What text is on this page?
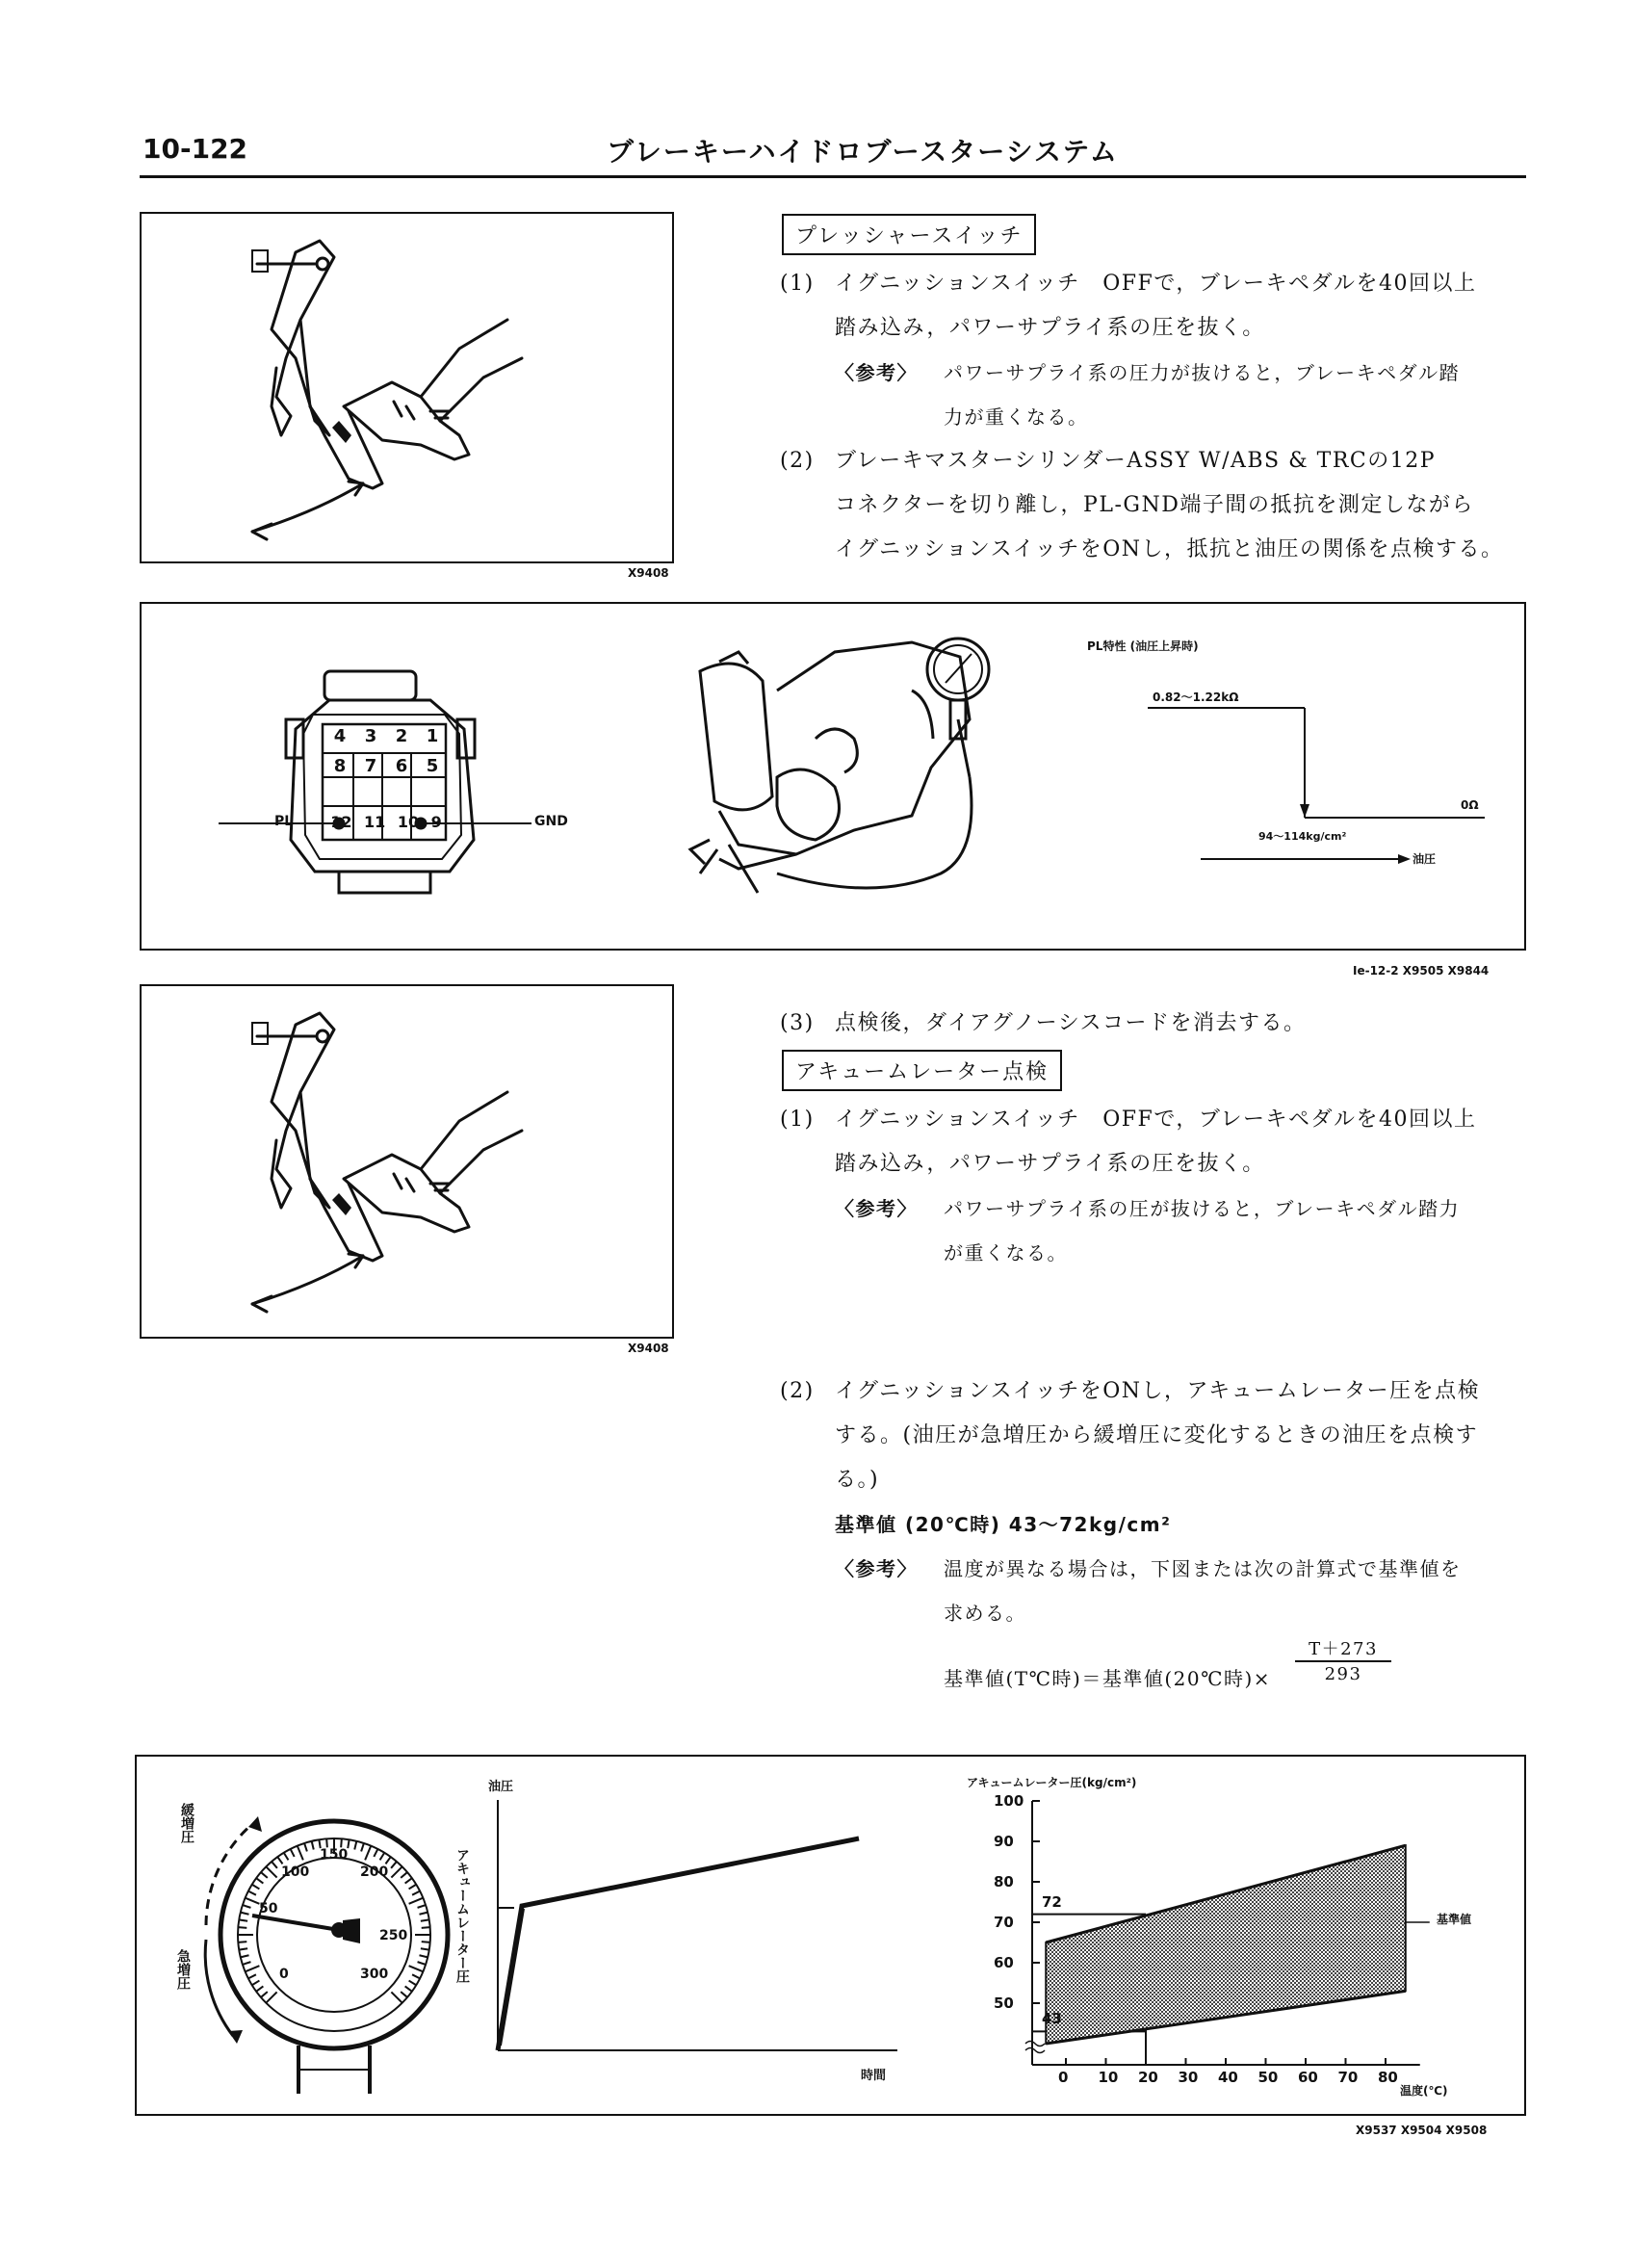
10-122	ブレーキーハイドロブースターシステム
X9408
プレッシャースイッチ
(1) イグニッションスイッチ　OFFで，ブレーキペダルを40回以上
踏み込み，パワーサプライ系の圧を抜く。
〈参考〉 パワーサプライ系の圧力が抜けると，ブレーキペダル踏
力が重くなる。
(2) ブレーキマスターシリンダーASSY W/ABS & TRCの12P
コネクターを切り離し，PL-GND端子間の抵抗を測定しながら
イグニッションスイッチをONし，抵抗と油圧の関係を点検する。
4 3 2 1
8 7 6 5
12 11 10 9
PL	GND
PL特性 (油圧上昇時)
0.82〜1.22kΩ
0Ω
94〜114kg/cm²
油圧
Ie-12-2 X9505 X9844
X9408
(3) 点検後，ダイアグノーシスコードを消去する。
アキュームレーター点検
(1) イグニッションスイッチ　OFFで，ブレーキペダルを40回以上
踏み込み，パワーサプライ系の圧を抜く。
〈参考〉 パワーサプライ系の圧が抜けると，ブレーキペダル踏力
が重くなる。
(2) イグニッションスイッチをONし，アキュームレーター圧を点検
する。(油圧が急増圧から緩増圧に変化するときの油圧を点検す
る。)
基準値 (20℃時) 43〜72kg/cm²
〈参考〉 温度が異なる場合は，下図または次の計算式で基準値を
求める。
基準値(T℃時)＝基準値(20℃時)×
T＋273
293
150
100	200
50
250
0	300
緩増圧
急増圧
油圧
アキュームレーター圧
時間
アキュームレーター圧(kg/cm²)
温度(℃)
基準値
72
43
50
60
70
80
90
100
0 10 20 30 40 50 60 70 80
X9537 X9504 X9508
